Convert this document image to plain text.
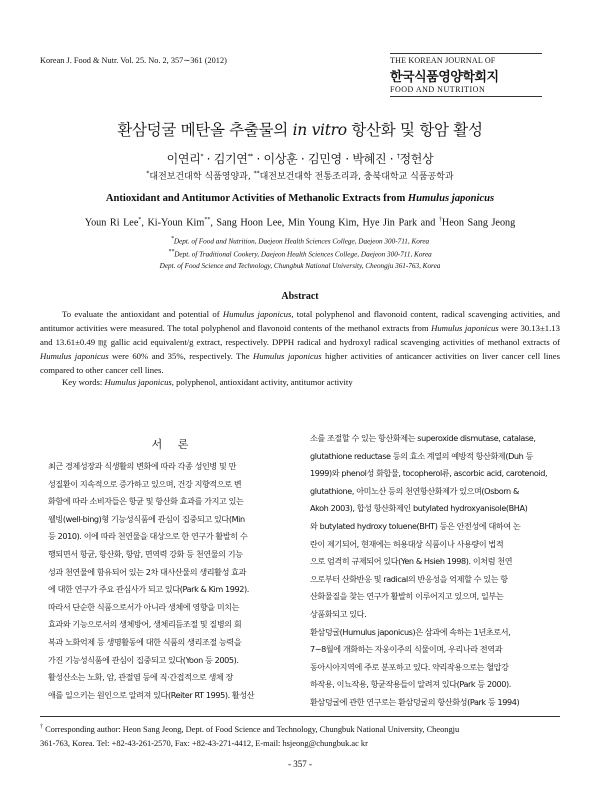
Korean J. Food & Nutr. Vol. 25. No. 2, 357∼361 (2012)	THE KOREAN JOURNAL OF
한국식품영양학회지
FOOD AND NUTRITION
환삼덩굴 메탄올 추출물의 in vitro 항산화 및 항암 활성
이연리* · 김기연** · 이상훈 · 김민영 · 박혜진 · †정헌상
*대전보건대학 식품영양과, **대전보건대학 전통조리과, 충북대학교 식품공학과
Antioxidant and Antitumor Activities of Methanolic Extracts from Humulus japonicus
Youn Ri Lee*, Ki-Youn Kim**, Sang Hoon Lee, Min Young Kim, Hye Jin Park and †Heon Sang Jeong
*Dept. of Food and Nutrition, Daejeon Health Sciences College, Daejeon 300-711, Korea
**Dept. of Traditional Cookery, Daejeon Health Sciences College, Daejeon 300-711, Korea
Dept. of Food Science and Technology, Chungbuk National University, Cheongju 361-763, Korea
Abstract

To evaluate the antioxidant and potential of Humulus japonicus, total polyphenol and flavonoid content, radical scavenging activities, and antitumor activities were measured. The total polyphenol and flavonoid contents of the methanol extracts from Humulus japonicus were 30.13±1.13 and 13.61±0.49 ㎎ gallic acid equivalent/g extract, respectively. DPPH radical and hydroxyl radical scavenging activities of methanol extracts of Humulus japonicus were 60% and 35%, respectively. The Humulus japonicus higher activities of anticancer activities on liver cancer cell lines compared to other cancer cell lines.

Key words: Humulus japonicus, polyphenol, antioxidant activity, antitumor activity
서 론
최근 경제성장과 식생활의 변화에 따라 각종 성인병 및 만
성질환이 지속적으로 증가하고 있으며, 건강 지향적으로 변
화함에 따라 소비자들은 항균 및 항산화 효과를 가지고 있는
웰빙(well-bing)형 기능성식품에 관심이 집중되고 있다(Min
등 2010). 이에 따라 천연물을 대상으로 한 연구가 활발히 수
행되면서 항균, 항산화, 항암, 면역력 강화 등 천연물의 기능
성과 천연물에 함유되어 있는 2차 대사산물의 생리활성 효과
에 대한 연구가 주요 관심사가 되고 있다(Park & Kim 1992).
따라서 단순한 식품으로서가 아니라 생체에 영향을 미치는
효과와 기능으로서의 생체방어, 생체리듬조절 및 질병의 회
복과 노화억제 등 생명활동에 대한 식품의 생리조절 능력을
가진 기능성식품에 관심이 집중되고 있다(Yoon 등 2005).
활성산소는 노화, 암, 관절염 등에 직·간접적으로 생체 장
애를 일으키는 원인으로 알려져 있다(Reiter RT 1995). 활성산
소를 조절할 수 있는 항산화제는 superoxide dismutase, catalase,
glutathione reductase 등의 효소 계열의 예방적 항산화제(Duh 등
1999)와 phenol성 화합물, tocopherol류, ascorbic acid, carotenoid,
glutathione, 아미노산 등의 천연항산화제가 있으며(Osborn &
Akoh 2003), 합성 항산화제인 butylated hydroxyanisole(BHA)
와 butylated hydroxy toluene(BHT) 등은 안전성에 대하여 논
란이 제기되어, 현재에는 허용대상 식품이나 사용량이 법적
으로 엄격히 규제되어 있다(Yen & Hsieh 1998). 이처럼 천연
으로부터 산화반응 및 radical의 반응성을 억제할 수 있는 항
산화물질을 찾는 연구가 활발히 이루어지고 있으며, 일부는
상품화되고 있다.
환삼덩굴(Humulus japonicus)은 삼과에 속하는 1년초로서,
7∼8월에 개화하는 자웅이주의 식물이며, 우리나라 전역과
동아시아지역에 주로 분포하고 있다. 약리작용으로는 혈압강
하작용, 이뇨작용, 항균작용들이 알려져 있다(Park 등 2000).
환삼덩굴에 관한 연구로는 환삼덩굴의 항산화성(Park 등 1994)

† Corresponding author: Heon Sang Jeong, Dept. of Food Science and Technology, Chungbuk National University, Cheongju

361-763, Korea. Tel: +82-43-261-2570, Fax: +82-43-271-4412, E-mail: hsjeong@chungbuk.ac kr

- 357 -
